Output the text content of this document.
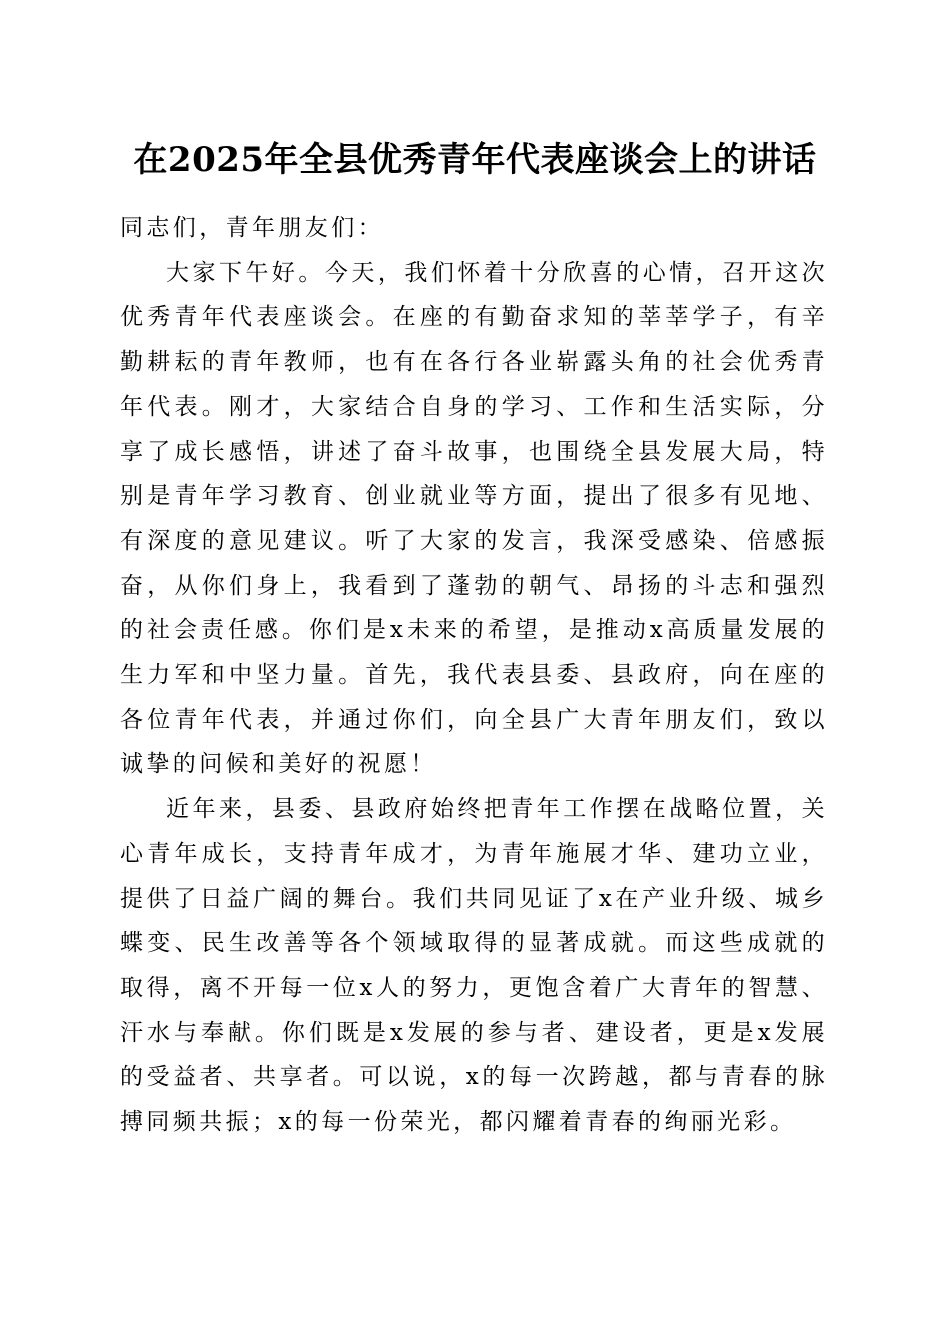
在2025年全县优秀青年代表座谈会上的讲话

同志们，青年朋友们：

大家下午好。今天，我们怀着十分欣喜的心情，召开这次优秀青年代表座谈会。在座的有勤奋求知的莘莘学子，有辛勤耕耘的青年教师，也有在各行各业崭露头角的社会优秀青年代表。刚才，大家结合自身的学习、工作和生活实际，分享了成长感悟，讲述了奋斗故事，也围绕全县发展大局，特别是青年学习教育、创业就业等方面，提出了很多有见地、有深度的意见建议。听了大家的发言，我深受感染、倍感振奋，从你们身上，我看到了蓬勃的朝气、昂扬的斗志和强烈的社会责任感。你们是x未来的希望，是推动x高质量发展的生力军和中坚力量。首先，我代表县委、县政府，向在座的各位青年代表，并通过你们，向全县广大青年朋友们，致以诚挚的问候和美好的祝愿！

近年来，县委、县政府始终把青年工作摆在战略位置，关心青年成长，支持青年成才，为青年施展才华、建功立业，提供了日益广阔的舞台。我们共同见证了x在产业升级、城乡蝶变、民生改善等各个领域取得的显著成就。而这些成就的取得，离不开每一位x人的努力，更饱含着广大青年的智慧、汗水与奉献。你们既是x发展的参与者、建设者，更是x发展的受益者、共享者。可以说，x的每一次跨越，都与青春的脉搏同频共振；x的每一份荣光，都闪耀着青春的绚丽光彩。
